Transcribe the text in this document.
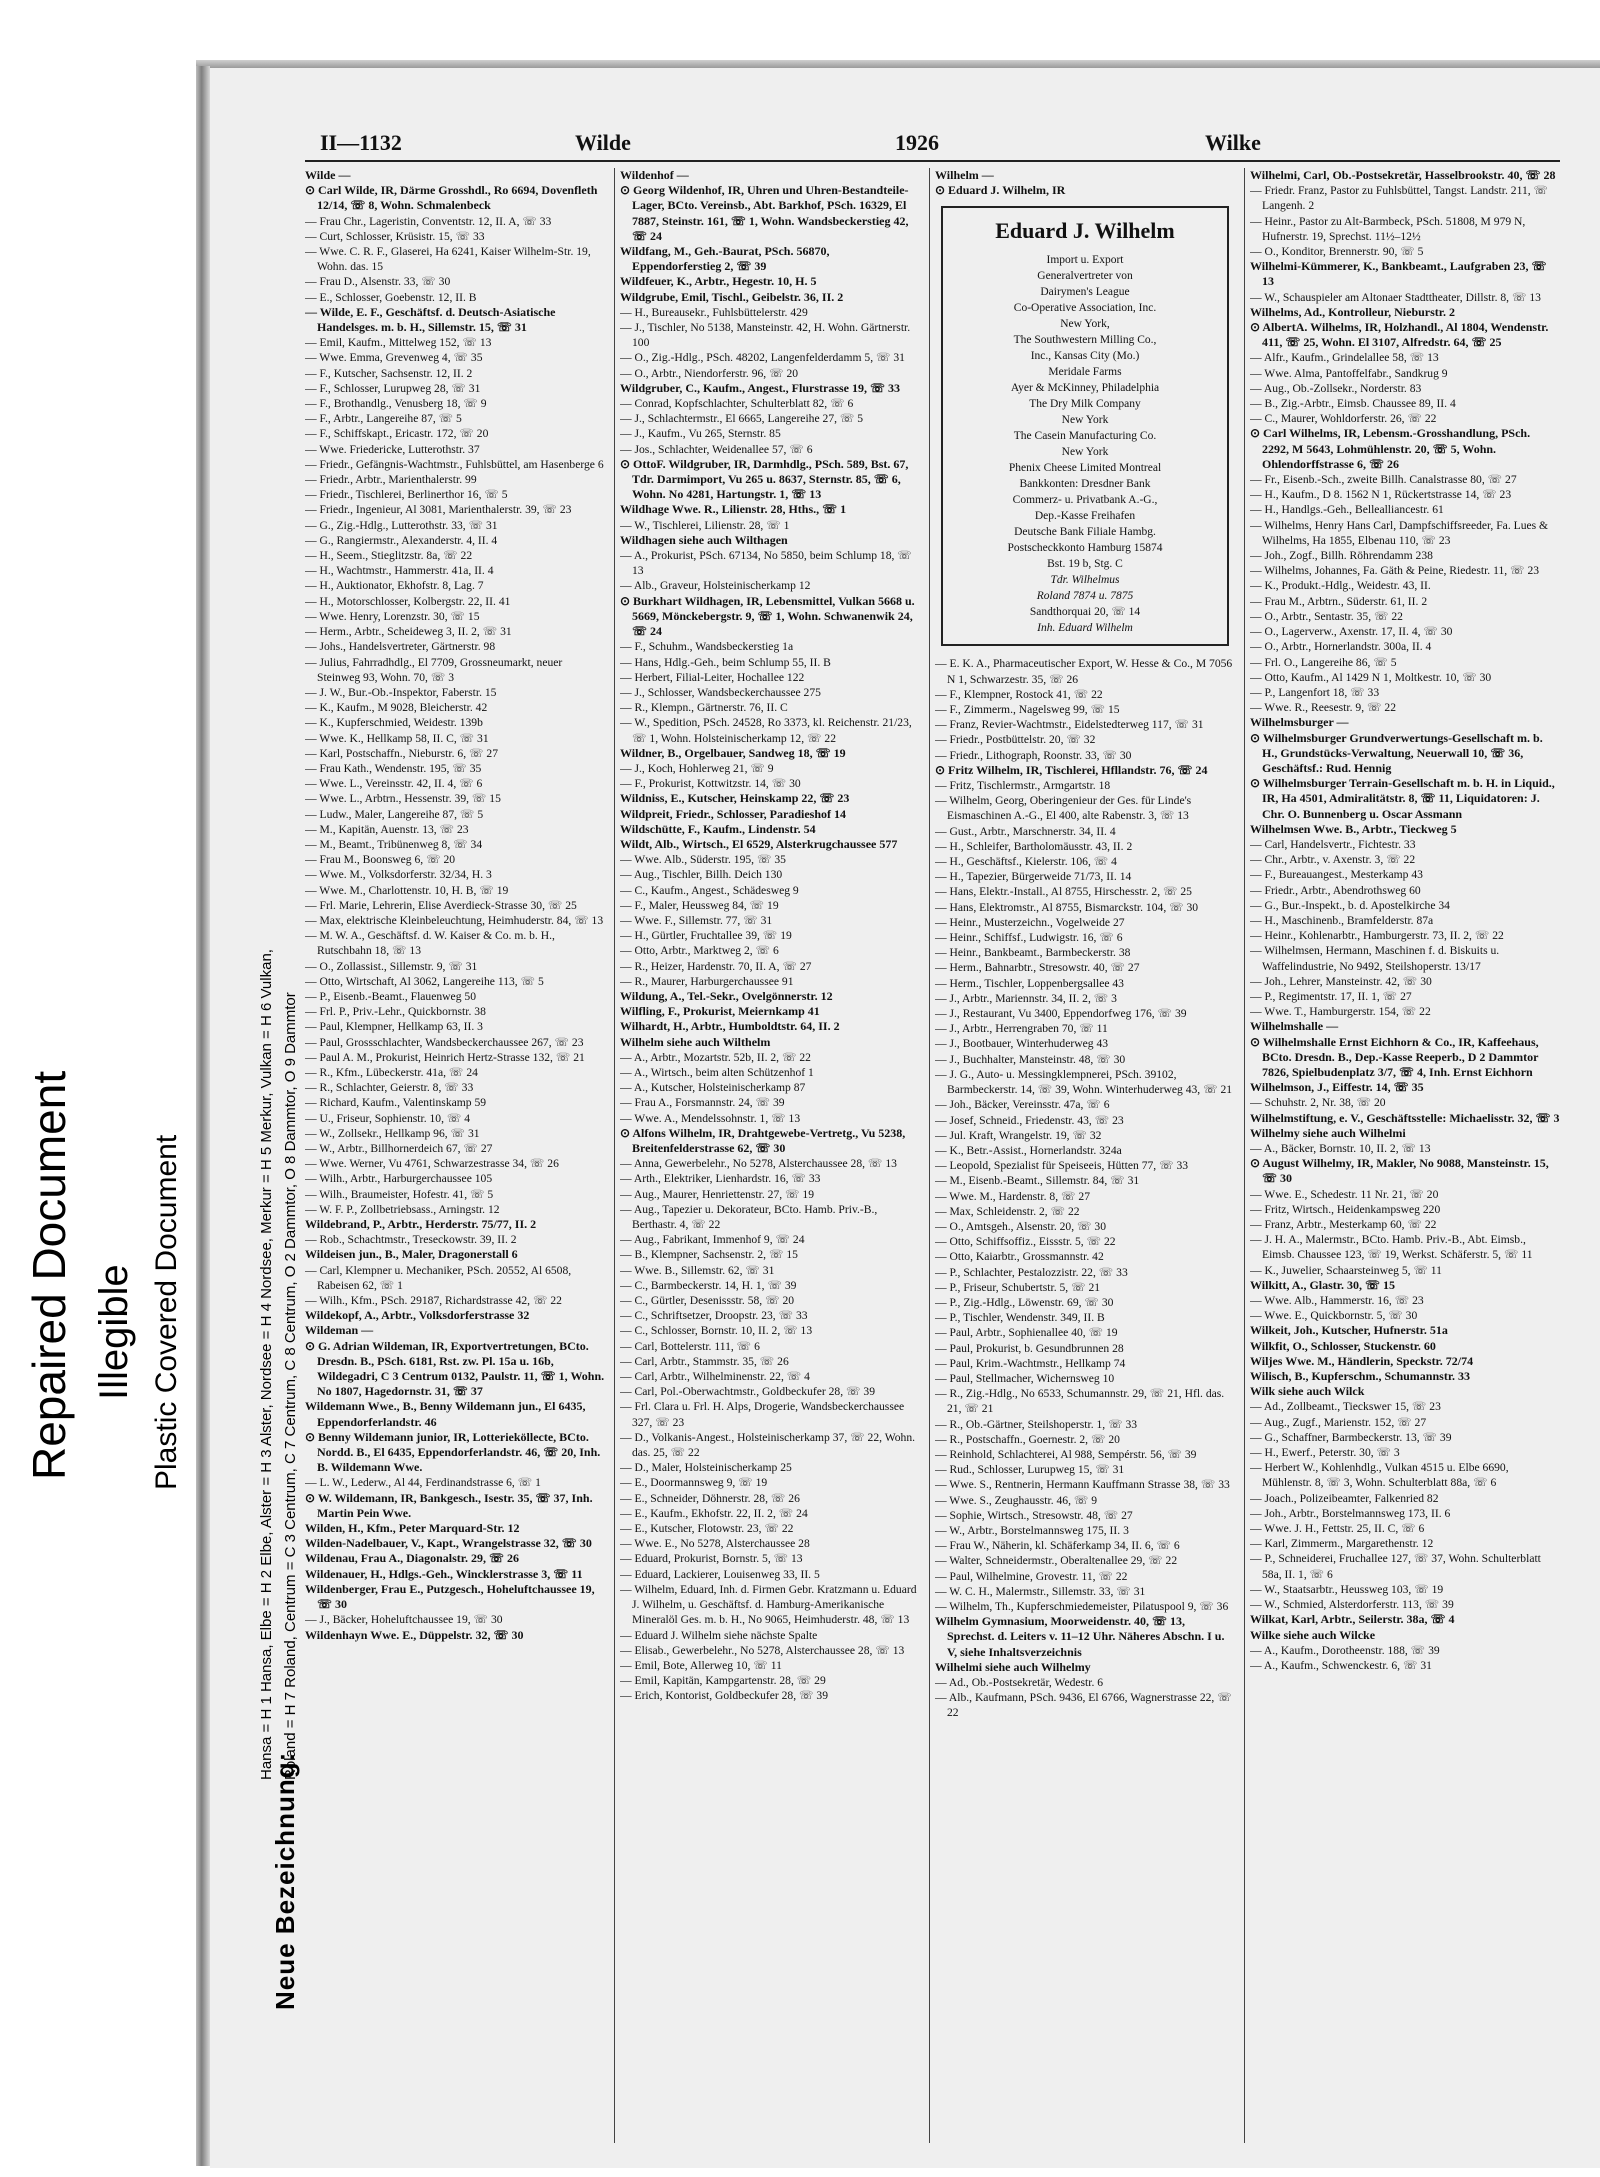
Repaired Document Illegible Plastic Covered Document
Neue Bezeichnung:
Hansa = H 1 Hansa, Elbe = H 2 Elbe, Alster = H 3 Alster, Nordsee = H 4 Nordsee, Merkur = H 5 Merkur, Vulkan = H 6 Vulkan, Roland = H 7 Roland, Centrum = C 3 Centrum, C 7 Centrum, C 8 Centrum, O 2 Dammtor, O 8 Dammtor, O 9 Dammtor
II—1132	Wilde	1926	Wilke

Wilde —

⊙ Carl Wilde, IR, Därme Grosshdl., Ro 6694, Dovenfleth 12/14, ☏ 8, Wohn. Schmalenbeck

— Frau Chr., Lageristin, Conventstr. 12, II. A, ☏ 33

— Curt, Schlosser, Krüsistr. 15, ☏ 33

— Wwe. C. R. F., Glaserei, Ha 6241, Kaiser Wilhelm-Str. 19, Wohn. das. 15

— Frau D., Alsenstr. 33, ☏ 30

— E., Schlosser, Goebenstr. 12, II. B

— Wilde, E. F., Geschäftsf. d. Deutsch-Asiatische Handelsges. m. b. H., Sillemstr. 15, ☏ 31

— Emil, Kaufm., Mittelweg 152, ☏ 13

— Wwe. Emma, Grevenweg 4, ☏ 35

— F., Kutscher, Sachsenstr. 12, II. 2

— F., Schlosser, Lurupweg 28, ☏ 31

— F., Brothandlg., Venusberg 18, ☏ 9

— F., Arbtr., Langereihe 87, ☏ 5

— F., Schiffskapt., Ericastr. 172, ☏ 20

— Wwe. Friedericke, Lutterothstr. 37

— Friedr., Gefängnis-Wachtmstr., Fuhlsbüttel, am Hasenberge 6

— Friedr., Arbtr., Marienthalerstr. 99

— Friedr., Tischlerei, Berlinerthor 16, ☏ 5

— Friedr., Ingenieur, Al 3081, Marienthalerstr. 39, ☏ 23

— G., Zig.-Hdlg., Lutterothstr. 33, ☏ 31

— G., Rangiermstr., Alexanderstr. 4, II. 4

— H., Seem., Stieglitzstr. 8a, ☏ 22

— H., Wachtmstr., Hammerstr. 41a, II. 4

— H., Auktionator, Ekhofstr. 8, Lag. 7

— H., Motorschlosser, Kolbergstr. 22, II. 41

— Wwe. Henry, Lorenzstr. 30, ☏ 15

— Herm., Arbtr., Scheideweg 3, II. 2, ☏ 31

— Johs., Handelsvertreter, Gärtnerstr. 98

— Julius, Fahrradhdlg., El 7709, Grossneumarkt, neuer Steinweg 93, Wohn. 70, ☏ 3

— J. W., Bur.-Ob.-Inspektor, Faberstr. 15

— K., Kaufm., M 9028, Bleicherstr. 42

— K., Kupferschmied, Weidestr. 139b

— Wwe. K., Hellkamp 58, II. C, ☏ 31

— Karl, Postschaffn., Nieburstr. 6, ☏ 27

— Frau Kath., Wendenstr. 195, ☏ 35

— Wwe. L., Vereinsstr. 42, II. 4, ☏ 6

— Wwe. L., Arbtrn., Hessenstr. 39, ☏ 15

— Ludw., Maler, Langereihe 87, ☏ 5

— M., Kapitän, Auenstr. 13, ☏ 23

— M., Beamt., Tribünenweg 8, ☏ 34

— Frau M., Boonsweg 6, ☏ 20

— Wwe. M., Volksdorferstr. 32/34, H. 3

— Wwe. M., Charlottenstr. 10, H. B, ☏ 19

— Frl. Marie, Lehrerin, Elise Averdieck-Strasse 30, ☏ 25

— Max, elektrische Kleinbeleuchtung, Heimhuderstr. 84, ☏ 13

— M. W. A., Geschäftsf. d. W. Kaiser & Co. m. b. H., Rutschbahn 18, ☏ 13

— O., Zollassist., Sillemstr. 9, ☏ 31

— Otto, Wirtschaft, Al 3062, Langereihe 113, ☏ 5

— P., Eisenb.-Beamt., Flauenweg 50

— Frl. P., Priv.-Lehr., Quickbornstr. 38

— Paul, Klempner, Hellkamp 63, II. 3

— Paul, Grossschlachter, Wandsbeckerchaussee 267, ☏ 23

— Paul A. M., Prokurist, Heinrich Hertz-Strasse 132, ☏ 21

— R., Kfm., Lübeckerstr. 41a, ☏ 24

— R., Schlachter, Geierstr. 8, ☏ 33

— Richard, Kaufm., Valentinskamp 59

— U., Friseur, Sophienstr. 10, ☏ 4

— W., Zollsekr., Hellkamp 96, ☏ 31

— W., Arbtr., Billhornerdeich 67, ☏ 27

— Wwe. Werner, Vu 4761, Schwarzestrasse 34, ☏ 26

— Wilh., Arbtr., Harburgerchaussee 105

— Wilh., Braumeister, Hofestr. 41, ☏ 5

— W. F. P., Zollbetriebsass., Arningstr. 12

Wildebrand, P., Arbtr., Herderstr. 75/77, II. 2

— Rob., Schachtmstr., Treseckowstr. 39, II. 2

Wildeisen jun., B., Maler, Dragonerstall 6

— Carl, Klempner u. Mechaniker, PSch. 20552, Al 6508, Rabeisen 62, ☏ 1

— Wilh., Kfm., PSch. 29187, Richardstrasse 42, ☏ 22

Wildekopf, A., Arbtr., Volksdorferstrasse 32

Wildeman —

⊙ G. Adrian Wildeman, IR, Exportvertretungen, BCto. Dresdn. B., PSch. 6181, Rst. zw. Pl. 15a u. 16b, Wildegadri, C 3 Centrum 0132, Paulstr. 11, ☏ 1, Wohn. No 1807, Hagedornstr. 31, ☏ 37

Wildemann Wwe., B., Benny Wildemann jun., El 6435, Eppendorferlandstr. 46

⊙ Benny Wildemann junior, IR, Lotterieköllecte, BCto. Nordd. B., El 6435, Eppendorferlandstr. 46, ☏ 20, Inh. B. Wildemann Wwe.

— L. W., Lederw., Al 44, Ferdinandstrasse 6, ☏ 1

⊙ W. Wildemann, IR, Bankgesch., Isestr. 35, ☏ 37, Inh. Martin Pein Wwe.

Wilden, H., Kfm., Peter Marquard-Str. 12

Wilden-Nadelbauer, V., Kapt., Wrangelstrasse 32, ☏ 30

Wildenau, Frau A., Diagonalstr. 29, ☏ 26

Wildenauer, H., Hdlgs.-Geh., Wincklerstrasse 3, ☏ 11

Wildenberger, Frau E., Putzgesch., Hoheluftchaussee 19, ☏ 30

— J., Bäcker, Hoheluftchaussee 19, ☏ 30

Wildenhayn Wwe. E., Düppelstr. 32, ☏ 30

Wildenhof —

⊙ Georg Wildenhof, IR, Uhren und Uhren-Bestandteile-Lager, BCto. Vereinsb., Abt. Barkhof, PSch. 16329, El 7887, Steinstr. 161, ☏ 1, Wohn. Wandsbeckerstieg 42, ☏ 24

Wildfang, M., Geh.-Baurat, PSch. 56870, Eppendorferstieg 2, ☏ 39

Wildfeuer, K., Arbtr., Hegestr. 10, H. 5

Wildgrube, Emil, Tischl., Geibelstr. 36, II. 2

— H., Bureausekr., Fuhlsbüttelerstr. 429

— J., Tischler, No 5138, Mansteinstr. 42, H. Wohn. Gärtnerstr. 100

— O., Zig.-Hdlg., PSch. 48202, Langenfelderdamm 5, ☏ 31

— O., Arbtr., Niendorferstr. 96, ☏ 20

Wildgruber, C., Kaufm., Angest., Flurstrasse 19, ☏ 33

— Conrad, Kopfschlachter, Schulterblatt 82, ☏ 6

— J., Schlachtermstr., El 6665, Langereihe 27, ☏ 5

— J., Kaufm., Vu 265, Sternstr. 85

— Jos., Schlachter, Weidenallee 57, ☏ 6

⊙ OttoF. Wildgruber, IR, Darmhdlg., PSch. 589, Bst. 67, Tdr. Darmimport, Vu 265 u. 8637, Sternstr. 85, ☏ 6, Wohn. No 4281, Hartungstr. 1, ☏ 13

Wildhage Wwe. R., Lilienstr. 28, Hths., ☏ 1

— W., Tischlerei, Lilienstr. 28, ☏ 1

Wildhagen siehe auch Wilthagen

— A., Prokurist, PSch. 67134, No 5850, beim Schlump 18, ☏ 13

— Alb., Graveur, Holsteinischerkamp 12

⊙ Burkhart Wildhagen, IR, Lebensmittel, Vulkan 5668 u. 5669, Mönckebergstr. 9, ☏ 1, Wohn. Schwanenwik 24, ☏ 24

— F., Schuhm., Wandsbeckerstieg 1a

— Hans, Hdlg.-Geh., beim Schlump 55, II. B

— Herbert, Filial-Leiter, Hochallee 122

— J., Schlosser, Wandsbeckerchaussee 275

— R., Klempn., Gärtnerstr. 76, II. C

— W., Spedition, PSch. 24528, Ro 3373, kl. Reichenstr. 21/23, ☏ 1, Wohn. Holsteinischerkamp 12, ☏ 22

Wildner, B., Orgelbauer, Sandweg 18, ☏ 19

— J., Koch, Hohlerweg 21, ☏ 9

— F., Prokurist, Kottwitzstr. 14, ☏ 30

Wildniss, E., Kutscher, Heinskamp 22, ☏ 23

Wildpreit, Friedr., Schlosser, Paradieshof 14

Wildschütte, F., Kaufm., Lindenstr. 54

Wildt, Alb., Wirtsch., El 6529, Alsterkrugchaussee 577

— Wwe. Alb., Süderstr. 195, ☏ 35

— Aug., Tischler, Billh. Deich 130

— C., Kaufm., Angest., Schädesweg 9

— F., Maler, Heussweg 84, ☏ 19

— Wwe. F., Sillemstr. 77, ☏ 31

— H., Gürtler, Fruchtallee 39, ☏ 19

— Otto, Arbtr., Marktweg 2, ☏ 6

— R., Heizer, Hardenstr. 70, II. A, ☏ 27

— R., Maurer, Harburgerchaussee 91

Wildung, A., Tel.-Sekr., Ovelgönnerstr. 12

Wilfling, F., Prokurist, Meiernkamp 41

Wilhardt, H., Arbtr., Humboldtstr. 64, II. 2

Wilhelm siehe auch Wilthelm

— A., Arbtr., Mozartstr. 52b, II. 2, ☏ 22

— A., Wirtsch., beim alten Schützenhof 1

— A., Kutscher, Holsteinischerkamp 87

— Frau A., Forsmannstr. 24, ☏ 39

— Wwe. A., Mendelssohnstr. 1, ☏ 13

⊙ Alfons Wilhelm, IR, Drahtgewebe-Vertretg., Vu 5238, Breitenfelderstrasse 62, ☏ 30

— Anna, Gewerbelehr., No 5278, Alsterchaussee 28, ☏ 13

— Arth., Elektriker, Lienhardstr. 16, ☏ 33

— Aug., Maurer, Henriettenstr. 27, ☏ 19

— Aug., Tapezier u. Dekorateur, BCto. Hamb. Priv.-B., Berthastr. 4, ☏ 22

— Aug., Fabrikant, Immenhof 9, ☏ 24

— B., Klempner, Sachsenstr. 2, ☏ 15

— Wwe. B., Sillemstr. 62, ☏ 31

— C., Barmbeckerstr. 14, H. 1, ☏ 39

— C., Gürtler, Desenissstr. 58, ☏ 20

— C., Schriftsetzer, Droopstr. 23, ☏ 33

— C., Schlosser, Bornstr. 10, II. 2, ☏ 13

— Carl, Bottelerstr. 111, ☏ 6

— Carl, Arbtr., Stammstr. 35, ☏ 26

— Carl, Arbtr., Wilhelminenstr. 22, ☏ 4

— Carl, Pol.-Oberwachtmstr., Goldbeckufer 28, ☏ 39

— Frl. Clara u. Frl. H. Alps, Drogerie, Wandsbeckerchaussee 327, ☏ 23

— D., Volkanis-Angest., Holsteinischerkamp 37, ☏ 22, Wohn. das. 25, ☏ 22

— D., Maler, Holsteinischerkamp 25

— E., Doormannsweg 9, ☏ 19

— E., Schneider, Döhnerstr. 28, ☏ 26

— E., Kaufm., Ekhofstr. 22, II. 2, ☏ 24

— E., Kutscher, Flotowstr. 23, ☏ 22

— Wwe. E., No 5278, Alsterchaussee 28

— Eduard, Prokurist, Bornstr. 5, ☏ 13

— Eduard, Lackierer, Louisenweg 33, II. 5

— Wilhelm, Eduard, Inh. d. Firmen Gebr. Kratzmann u. Eduard J. Wilhelm, u. Geschäftsf. d. Hamburg-Amerikanische Mineralöl Ges. m. b. H., No 9065, Heimhuderstr. 48, ☏ 13

— Eduard J. Wilhelm siehe nächste Spalte

— Elisab., Gewerbelehr., No 5278, Alsterchaussee 28, ☏ 13

— Emil, Bote, Allerweg 10, ☏ 11

— Emil, Kapitän, Kampgartenstr. 28, ☏ 29

— Erich, Kontorist, Goldbeckufer 28, ☏ 39

Wilhelm —

⊙ Eduard J. Wilhelm, IR

Eduard J. Wilhelm
Import u. Export
Generalvertreter von
Dairymen's League
Co-Operative Association, Inc.
New York,
The Southwestern Milling Co.,
Inc., Kansas City (Mo.)
Meridale Farms
Ayer & McKinney, Philadelphia
The Dry Milk Company
New York
The Casein Manufacturing Co.
New York
Phenix Cheese Limited Montreal
Bankkonten: Dresdner Bank
Commerz- u. Privatbank A.-G.,
Dep.-Kasse Freihafen
Deutsche Bank Filiale Hambg.
Postscheckkonto Hamburg 15874
Bst. 19 b, Stg. C
Tdr. Wilhelmus
Roland 7874 u. 7875
Sandthorquai 20, ☏ 14
Inh. Eduard Wilhelm

— E. K. A., Pharmaceutischer Export, W. Hesse & Co., M 7056 N 1, Schwarzestr. 35, ☏ 26

— F., Klempner, Rostock 41, ☏ 22

— F., Zimmerm., Nagelsweg 99, ☏ 15

— Franz, Revier-Wachtmstr., Eidelstedterweg 117, ☏ 31

— Friedr., Postbüttelstr. 20, ☏ 32

— Friedr., Lithograph, Roonstr. 33, ☏ 30

⊙ Fritz Wilhelm, IR, Tischlerei, Hfllandstr. 76, ☏ 24

— Fritz, Tischlermstr., Armgartstr. 18

— Wilhelm, Georg, Oberingenieur der Ges. für Linde's Eismaschinen A.-G., El 400, alte Rabenstr. 3, ☏ 13

— Gust., Arbtr., Marschnerstr. 34, II. 4

— H., Schleifer, Bartholomäusstr. 43, II. 2

— H., Geschäftsf., Kielerstr. 106, ☏ 4

— H., Tapezier, Bürgerweide 71/73, II. 14

— Hans, Elektr.-Install., Al 8755, Hirschesstr. 2, ☏ 25

— Hans, Elektromstr., Al 8755, Bismarckstr. 104, ☏ 30

— Heinr., Musterzeichn., Vogelweide 27

— Heinr., Schiffsf., Ludwigstr. 16, ☏ 6

— Heinr., Bankbeamt., Barmbeckerstr. 38

— Herm., Bahnarbtr., Stresowstr. 40, ☏ 27

— Herm., Tischler, Loppenbergsallee 43

— J., Arbtr., Mariennstr. 34, II. 2, ☏ 3

— J., Restaurant, Vu 3400, Eppendorfweg 176, ☏ 39

— J., Arbtr., Herrengraben 70, ☏ 11

— J., Bootbauer, Winterhuderweg 43

— J., Buchhalter, Mansteinstr. 48, ☏ 30

— J. G., Auto- u. Messingklempnerei, PSch. 39102, Barmbeckerstr. 14, ☏ 39, Wohn. Winterhuderweg 43, ☏ 21

— Joh., Bäcker, Vereinsstr. 47a, ☏ 6

— Josef, Schneid., Friedenstr. 43, ☏ 23

— Jul. Kraft, Wrangelstr. 19, ☏ 32

— K., Betr.-Assist., Hornerlandstr. 324a

— Leopold, Spezialist für Speiseeis, Hütten 77, ☏ 33

— M., Eisenb.-Beamt., Sillemstr. 84, ☏ 31

— Wwe. M., Hardenstr. 8, ☏ 27

— Max, Schleidenstr. 2, ☏ 22

— O., Amtsgeh., Alsenstr. 20, ☏ 30

— Otto, Schiffsoffiz., Eissstr. 5, ☏ 22

— Otto, Kaiarbtr., Grossmannstr. 42

— P., Schlachter, Pestalozzistr. 22, ☏ 33

— P., Friseur, Schubertstr. 5, ☏ 21

— P., Zig.-Hdlg., Löwenstr. 69, ☏ 30

— P., Tischler, Wendenstr. 349, II. B

— Paul, Arbtr., Sophienallee 40, ☏ 19

— Paul, Prokurist, b. Gesundbrunnen 28

— Paul, Krim.-Wachtmstr., Hellkamp 74

— Paul, Stellmacher, Wichernsweg 10

— R., Zig.-Hdlg., No 6533, Schumannstr. 29, ☏ 21, Hfl. das. 21, ☏ 21

— R., Ob.-Gärtner, Steilshoperstr. 1, ☏ 33

— R., Postschaffn., Goernestr. 2, ☏ 20

— Reinhold, Schlachterei, Al 988, Sempérstr. 56, ☏ 39

— Rud., Schlosser, Lurupweg 15, ☏ 31

— Wwe. S., Rentnerin, Hermann Kauffmann Strasse 38, ☏ 33

— Wwe. S., Zeughausstr. 46, ☏ 9

— Sophie, Wirtsch., Stresowstr. 48, ☏ 27

— W., Arbtr., Borstelmannsweg 175, II. 3

— Frau W., Näherin, kl. Schäferkamp 34, II. 6, ☏ 6

— Walter, Schneidermstr., Oberaltenallee 29, ☏ 22

— Paul, Wilhelmine, Grovestr. 11, ☏ 22

— W. C. H., Malermstr., Sillemstr. 33, ☏ 31

— Wilhelm, Th., Kupferschmiedemeister, Pilatuspool 9, ☏ 36

Wilhelm Gymnasium, Moorweidenstr. 40, ☏ 13, Sprechst. d. Leiters v. 11–12 Uhr. Näheres Abschn. I u. V, siehe Inhaltsverzeichnis

Wilhelmi siehe auch Wilhelmy

— Ad., Ob.-Postsekretär, Wedestr. 6

— Alb., Kaufmann, PSch. 9436, El 6766, Wagnerstrasse 22, ☏ 22

Wilhelmi, Carl, Ob.-Postsekretär, Hasselbrookstr. 40, ☏ 28

— Friedr. Franz, Pastor zu Fuhlsbüttel, Tangst. Landstr. 211, ☏ Langenh. 2

— Heinr., Pastor zu Alt-Barmbeck, PSch. 51808, M 979 N, Hufnerstr. 19, Sprechst. 11½–12½

— O., Konditor, Brennerstr. 90, ☏ 5

Wilhelmi-Kümmerer, K., Bankbeamt., Laufgraben 23, ☏ 13

— W., Schauspieler am Altonaer Stadttheater, Dillstr. 8, ☏ 13

Wilhelms, Ad., Kontrolleur, Nieburstr. 2

⊙ AlbertA. Wilhelms, IR, Holzhandl., Al 1804, Wendenstr. 411, ☏ 25, Wohn. El 3107, Alfredstr. 64, ☏ 25

— Alfr., Kaufm., Grindelallee 58, ☏ 13

— Wwe. Alma, Pantoffelfabr., Sandkrug 9

— Aug., Ob.-Zollsekr., Norderstr. 83

— B., Zig.-Arbtr., Eimsb. Chaussee 89, II. 4

— C., Maurer, Wohldorferstr. 26, ☏ 22

⊙ Carl Wilhelms, IR, Lebensm.-Grosshandlung, PSch. 2292, M 5643, Lohmühlenstr. 20, ☏ 5, Wohn. Ohlendorffstrasse 6, ☏ 26

— Fr., Eisenb.-Sch., zweite Billh. Canalstrasse 80, ☏ 27

— H., Kaufm., D 8. 1562 N 1, Rückertstrasse 14, ☏ 23

— H., Handlgs.-Geh., Bellealliancestr. 61

— Wilhelms, Henry Hans Carl, Dampfschiffsreeder, Fa. Lues & Wilhelms, Ha 1855, Elbenau 110, ☏ 23

— Joh., Zogf., Billh. Röhrendamm 238

— Wilhelms, Johannes, Fa. Gäth & Peine, Riedestr. 11, ☏ 23

— K., Produkt.-Hdlg., Weidestr. 43, II.

— Frau M., Arbtrn., Süderstr. 61, II. 2

— O., Arbtr., Sentastr. 35, ☏ 22

— O., Lagerverw., Axenstr. 17, II. 4, ☏ 30

— O., Arbtr., Hornerlandstr. 300a, II. 4

— Frl. O., Langereihe 86, ☏ 5

— Otto, Kaufm., Al 1429 N 1, Moltkestr. 10, ☏ 30

— P., Langenfort 18, ☏ 33

— Wwe. R., Reesestr. 9, ☏ 22

Wilhelmsburger —

⊙ Wilhelmsburger Grundverwertungs-Gesellschaft m. b. H., Grundstücks-Verwaltung, Neuerwall 10, ☏ 36, Geschäftsf.: Rud. Hennig

⊙ Wilhelmsburger Terrain-Gesellschaft m. b. H. in Liquid., IR, Ha 4501, Admiralitätstr. 8, ☏ 11, Liquidatoren: J. Chr. O. Bunnenberg u. Oscar Assmann

Wilhelmsen Wwe. B., Arbtr., Tieckweg 5

— Carl, Handelsvertr., Fichtestr. 33

— Chr., Arbtr., v. Axenstr. 3, ☏ 22

— F., Bureauangest., Mesterkamp 43

— Friedr., Arbtr., Abendrothsweg 60

— G., Bur.-Inspekt., b. d. Apostelkirche 34

— H., Maschinenb., Bramfelderstr. 87a

— Heinr., Kohlenarbtr., Hamburgerstr. 73, II. 2, ☏ 22

— Wilhelmsen, Hermann, Maschinen f. d. Biskuits u. Waffelindustrie, No 9492, Steilshoperstr. 13/17

— Joh., Lehrer, Mansteinstr. 42, ☏ 30

— P., Regimentstr. 17, II. 1, ☏ 27

— Wwe. T., Hamburgerstr. 154, ☏ 22

Wilhelmshalle —

⊙ Wilhelmshalle Ernst Eichhorn & Co., IR, Kaffeehaus, BCto. Dresdn. B., Dep.-Kasse Reeperb., D 2 Dammtor 7826, Spielbudenplatz 3/7, ☏ 4, Inh. Ernst Eichhorn

Wilhelmson, J., Eiffestr. 14, ☏ 35

— Schuhstr. 2, Nr. 38, ☏ 20

Wilhelmstiftung, e. V., Geschäftsstelle: Michaelisstr. 32, ☏ 3

Wilhelmy siehe auch Wilhelmi

— A., Bäcker, Bornstr. 10, II. 2, ☏ 13

⊙ August Wilhelmy, IR, Makler, No 9088, Mansteinstr. 15, ☏ 30

— Wwe. E., Schedestr. 11 Nr. 21, ☏ 20

— Fritz, Wirtsch., Heidenkampsweg 220

— Franz, Arbtr., Mesterkamp 60, ☏ 22

— J. H. A., Malermstr., BCto. Hamb. Priv.-B., Abt. Eimsb., Eimsb. Chaussee 123, ☏ 19, Werkst. Schäferstr. 5, ☏ 11

— K., Juwelier, Schaarsteinweg 5, ☏ 11

Wilkitt, A., Glastr. 30, ☏ 15

— Wwe. Alb., Hammerstr. 16, ☏ 23

— Wwe. E., Quickbornstr. 5, ☏ 30

Wilkeit, Joh., Kutscher, Hufnerstr. 51a

Wilkfit, O., Schlosser, Stuckenstr. 60

Wiljes Wwe. M., Händlerin, Speckstr. 72/74

Wilisch, B., Kupferschm., Schumannstr. 33

Wilk siehe auch Wilck

— Ad., Zollbeamt., Tieckswег 15, ☏ 23

— Aug., Zugf., Marienstr. 152, ☏ 27

— G., Schaffner, Barmbeckerstr. 13, ☏ 39

— H., Ewerf., Peterstr. 30, ☏ 3

— Herbert W., Kohlenhdlg., Vulkan 4515 u. Elbe 6690, Mühlenstr. 8, ☏ 3, Wohn. Schulterblatt 88a, ☏ 6

— Joach., Polizeibeamter, Falkenried 82

— Joh., Arbtr., Borstelmannsweg 173, II. 6

— Wwe. J. H., Fettstr. 25, II. C, ☏ 6

— Karl, Zimmerm., Margarethenstr. 12

— P., Schneiderei, Fruchallee 127, ☏ 37, Wohn. Schulterblatt 58a, II. 1, ☏ 6

— W., Staatsarbtr., Heussweg 103, ☏ 19

— W., Schmied, Alsterdorferstr. 113, ☏ 39

Wilkat, Karl, Arbtr., Seilerstr. 38a, ☏ 4

Wilke siehe auch Wilcke

— A., Kaufm., Dorotheenstr. 188, ☏ 39

— A., Kaufm., Schwenckestr. 6, ☏ 31
